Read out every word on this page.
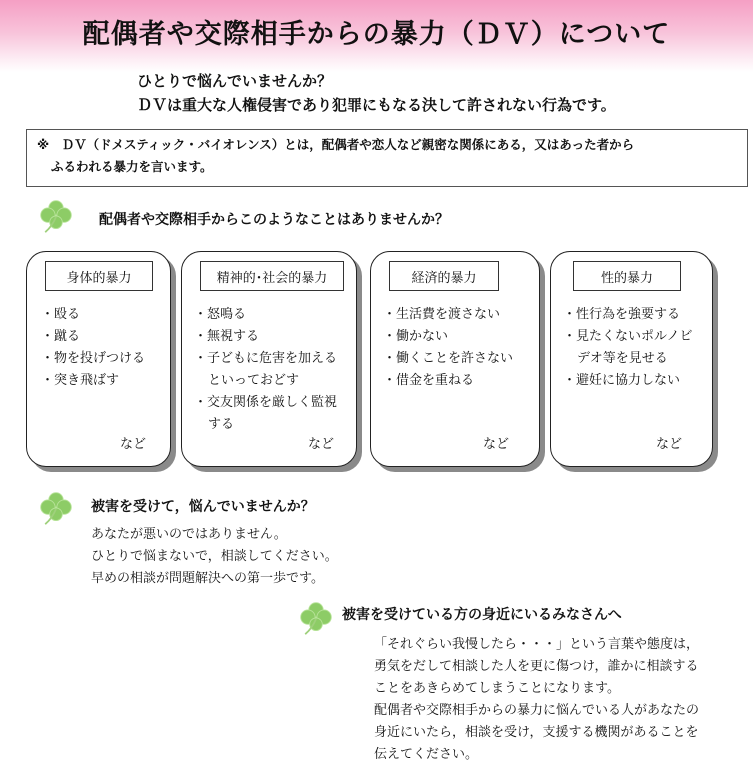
配偶者や交際相手からの暴力（ＤＶ）について
ひとりで悩んでいませんか？
ＤＶは重大な人権侵害であり犯罪にもなる決して許されない行為です。
※　ＤＶ（ドメスティック・バイオレンス）とは，配偶者や恋人など親密な関係にある，又はあった者から
ふるわれる暴力を言います。
配偶者や交際相手からこのようなことはありませんか？
身体的暴力
・ 殴る
・ 蹴る
・ 物を投げつける
・ 突き飛ばす
など
精神的･社会的暴力
・ 怒鳴る
・ 無視する
・ 子どもに危害を加えるといっておどす
・ 交友関係を厳しく監視する
など
経済的暴力
・ 生活費を渡さない
・ 働かない
・ 働くことを許さない
・ 借金を重ねる
など
性的暴力
・ 性行為を強要する
・ 見たくないポルノビデオ等を見せる
・ 避妊に協力しない
など
被害を受けて，悩んでいませんか？

あなたが悪いのではありません。
ひとりで悩まないで，相談してください。
早めの相談が問題解決への第一歩です。

被害を受けている方の身近にいるみなさんへ

「それぐらい我慢したら・・・」という言葉や態度は，
勇気をだして相談した人を更に傷つけ，誰かに相談する
ことをあきらめてしまうことになります。
配偶者や交際相手からの暴力に悩んでいる人があなたの
身近にいたら，相談を受け，支援する機関があることを
伝えてください。
